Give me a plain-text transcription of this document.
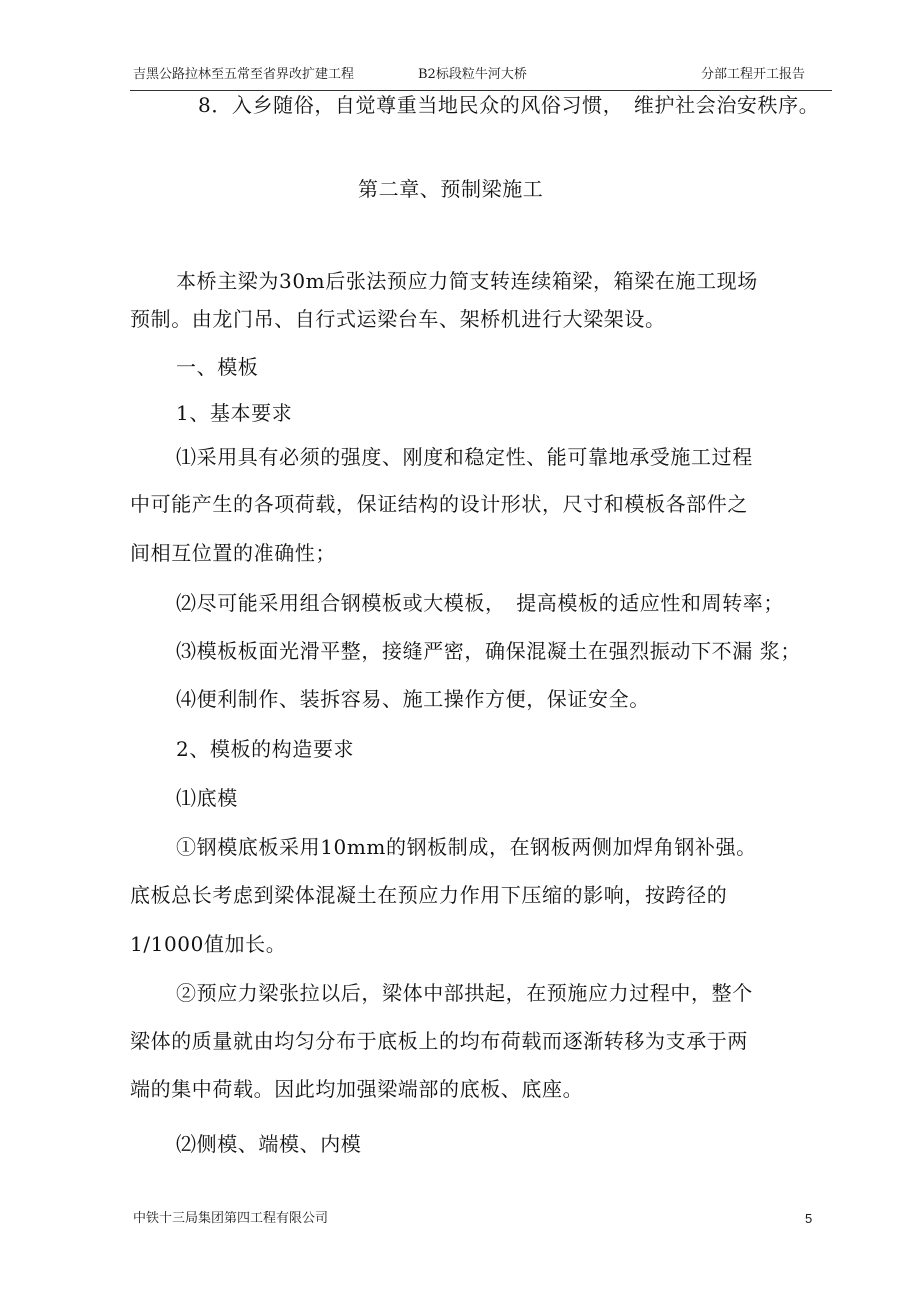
吉黑公路拉林至五常至省界改扩建工程	B2标段粒牛河大桥	分部工程开工报告
8．入乡随俗，自觉尊重当地民众的风俗习惯，　维护社会治安秩序。
第二章、预制梁施工
本桥主梁为30m后张法预应力简支转连续箱梁，箱梁在施工现场
预制。由龙门吊、自行式运梁台车、架桥机进行大梁架设。
一、模板
1、基本要求
⑴采用具有必须的强度、刚度和稳定性、能可靠地承受施工过程
中可能产生的各项荷载，保证结构的设计形状，尺寸和模板各部件之
间相互位置的准确性；
⑵尽可能采用组合钢模板或大模板，　提高模板的适应性和周转率；
⑶模板板面光滑平整，接缝严密，确保混凝土在强烈振动下不漏 浆；
⑷便利制作、装拆容易、施工操作方便，保证安全。
2、模板的构造要求
⑴底模
①钢模底板采用10mm的钢板制成，在钢板两侧加焊角钢补强。
底板总长考虑到梁体混凝土在预应力作用下压缩的影响，按跨径的
1/1000值加长。
②预应力梁张拉以后，梁体中部拱起，在预施应力过程中，整个
梁体的质量就由均匀分布于底板上的均布荷载而逐渐转移为支承于两
端的集中荷载。因此均加强梁端部的底板、底座。
⑵侧模、端模、内模
中铁十三局集团第四工程有限公司	5
